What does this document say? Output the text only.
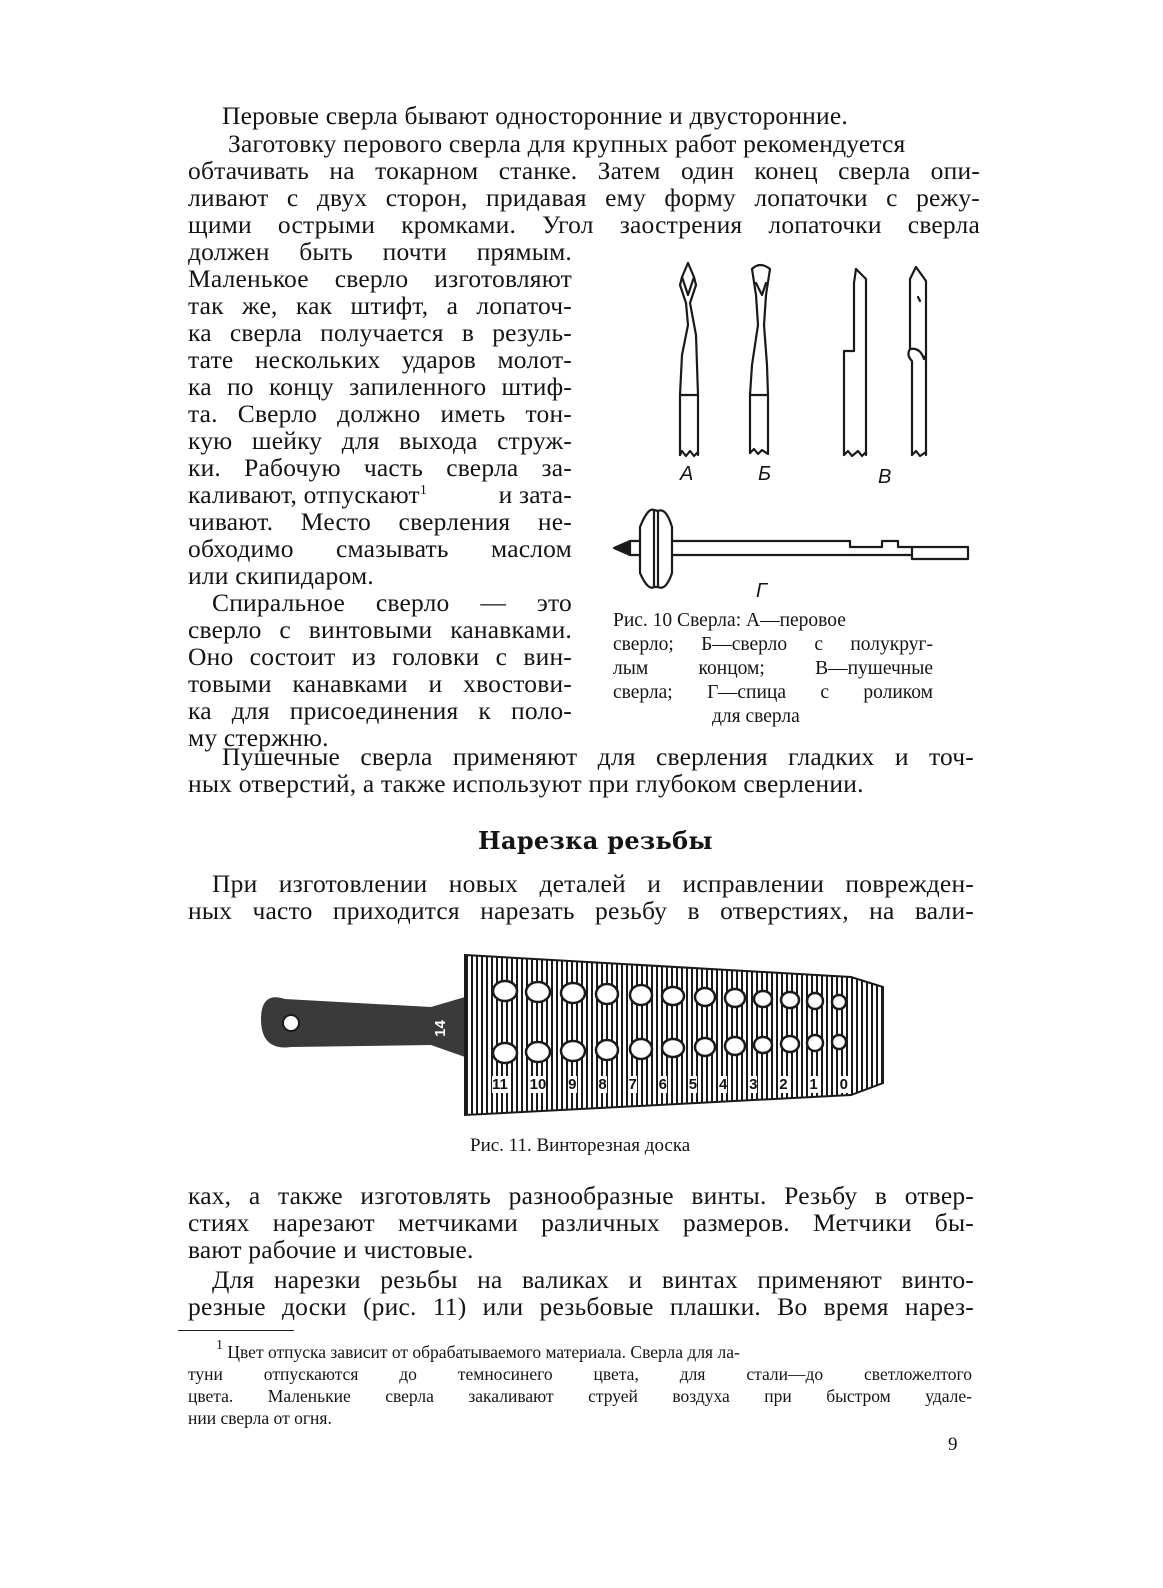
Перовые сверла бывают односторонние и двусторонние.
Заготовку перового сверла для крупных работ рекомендуется
обтачивать на токарном станке. Затем один конец сверла опи-
ливают с двух сторон, придавая ему форму лопаточки с режу-
щими острыми кромками. Угол заострения лопаточки сверла
должен быть почти прямым.
Маленькое сверло изготовляют
так же, как штифт, а лопаточ-
ка сверла получается в резуль-
тате нескольких ударов молот-
ка по концу запиленного штиф-
та. Сверло должно иметь тон-
кую шейку для выхода струж-
ки. Рабочую часть сверла за-
каливают, отпускают$^1$	и зата-
чивают. Место сверления не-
обходимо смазывать маслом
или скипидаром.
Спиральное сверло — это
сверло с винтовыми канавками.
Оно состоит из головки с вин-
товыми канавками и хвостови-
ка для присоединения к поло-
му стержню.
А	Б	В
Г
Рис. 10 Сверла: А—перовое
сверло; Б—сверло с полукруг-
лым концом; В—пушечные
сверла; Г—спица с роликом
для сверла
Пушечные сверла применяют для сверления гладких и точ-
ных отверстий, а также используют при глубоком сверлении.
Нарезка резьбы
При изготовлении новых деталей и исправлении поврежден-
ных часто приходится нарезать резьбу в отверстиях, на вали-
14
11 10 9 8 7 6 5 4 3 2 1 0
Рис. 11. Винторезная доска
ках, а также изготовлять разнообразные винты. Резьбу в отвер-
стиях нарезают метчиками различных размеров. Метчики бы-
вают рабочие и чистовые.
Для нарезки резьбы на валиках и винтах применяют винто-
резные доски (рис. 11) или резьбовые плашки. Во время нарез-
$^1$ Цвет отпуска зависит от обрабатываемого материала. Сверла для ла-
туни отпускаются до темносинего цвета, для стали—до светложелтого
цвета. Маленькие сверла закаливают струей воздуха при быстром удале-
нии сверла от огня.
9
